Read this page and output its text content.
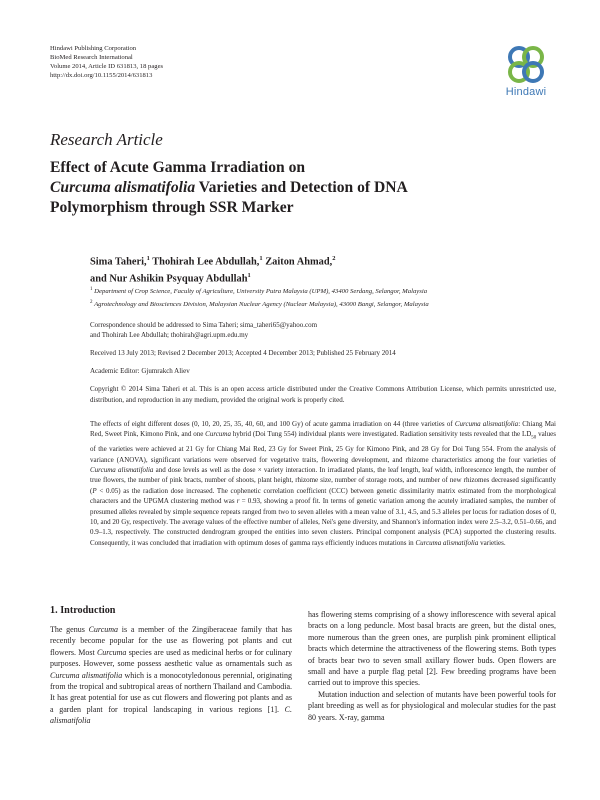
Hindawi Publishing Corporation
BioMed Research International
Volume 2014, Article ID 631813, 18 pages
http://dx.doi.org/10.1155/2014/631813
Hindawi
Research Article
Effect of Acute Gamma Irradiation on
Curcuma alismatifolia Varieties and Detection of DNA
Polymorphism through SSR Marker
Sima Taheri,$^1$ Thohirah Lee Abdullah,$^1$ Zaiton Ahmad,$^2$
and Nur Ashikin Psyquay Abdullah$^1$
$^1$ Department of Crop Science, Faculty of Agriculture, University Putra Malaysia (UPM), 43400 Serdang, Selangor, Malaysia
$^2$ Agrotechnology and Biosciences Division, Malaysian Nuclear Agency (Nuclear Malaysia), 43000 Bangi, Selangor, Malaysia
Correspondence should be addressed to Sima Taheri; sima_taheri65@yahoo.com
and Thohirah Lee Abdullah; thohirah@agri.upm.edu.my
Received 13 July 2013; Revised 2 December 2013; Accepted 4 December 2013; Published 25 February 2014
Academic Editor: Gjumrakch Aliev
Copyright © 2014 Sima Taheri et al. This is an open access article distributed under the Creative Commons Attribution License, which permits unrestricted use, distribution, and reproduction in any medium, provided the original work is properly cited.
The effects of eight different doses (0, 10, 20, 25, 35, 40, 60, and 100 Gy) of acute gamma irradiation on 44 (three varieties of Curcuma alismatifolia: Chiang Mai Red, Sweet Pink, Kimono Pink, and one Curcuma hybrid (Doi Tung 554) individual plants were investigated. Radiation sensitivity tests revealed that the $LD_{50}$ values of the varieties were achieved at 21 Gy for Chiang Mai Red, 23 Gy for Sweet Pink, 25 Gy for Kimono Pink, and 28 Gy for Doi Tung 554. From the analysis of variance (ANOVA), significant variations were observed for vegetative traits, flowering development, and rhizome characteristics among the four varieties of Curcuma alismatifolia and dose levels as well as the dose × variety interaction. In irradiated plants, the leaf length, leaf width, inflorescence length, the number of true flowers, the number of pink bracts, number of shoots, plant height, rhizome size, number of storage roots, and number of new rhizomes decreased significantly (P < 0.05) as the radiation dose increased. The cophenetic correlation coefficient (CCC) between genetic dissimilarity matrix estimated from the morphological characters and the UPGMA clustering method was r = 0.93, showing a proof fit. In terms of genetic variation among the acutely irradiated samples, the number of presumed alleles revealed by simple sequence repeats ranged from two to seven alleles with a mean value of 3.1, 4.5, and 5.3 alleles per locus for radiation doses of 0, 10, and 20 Gy, respectively. The average values of the effective number of alleles, Nei's gene diversity, and Shannon's information index were 2.5–3.2, 0.51–0.66, and 0.9–1.3, respectively. The constructed dendrogram grouped the entities into seven clusters. Principal component analysis (PCA) supported the clustering results. Consequently, it was concluded that irradiation with optimum doses of gamma rays efficiently induces mutations in Curcuma alismatifolia varieties.
1. Introduction

The genus Curcuma is a member of the Zingiberaceae family that has recently become popular for the use as flowering pot plants and cut flowers. Most Curcuma species are used as medicinal herbs or for culinary purposes. However, some possess aesthetic value as ornamentals such as Curcuma alismatifolia which is a monocotyledonous perennial, originating from the tropical and subtropical areas of northern Thailand and Cambodia. It has great potential for use as cut flowers and flowering pot plants and as a garden plant for tropical landscaping in various regions [1]. C. alismatifolia

has flowering stems comprising of a showy inflorescence with several apical bracts on a long peduncle. Most basal bracts are green, but the distal ones, more numerous than the green ones, are purplish pink prominent elliptical bracts which determine the attractiveness of the flowering stems. Both types of bracts bear two to seven small axillary flower buds. Open flowers are small and have a purple flag petal [2]. Few breeding programs have been carried out to improve this species.

Mutation induction and selection of mutants have been powerful tools for plant breeding as well as for physiological and molecular studies for the past 80 years. X-ray, gamma
